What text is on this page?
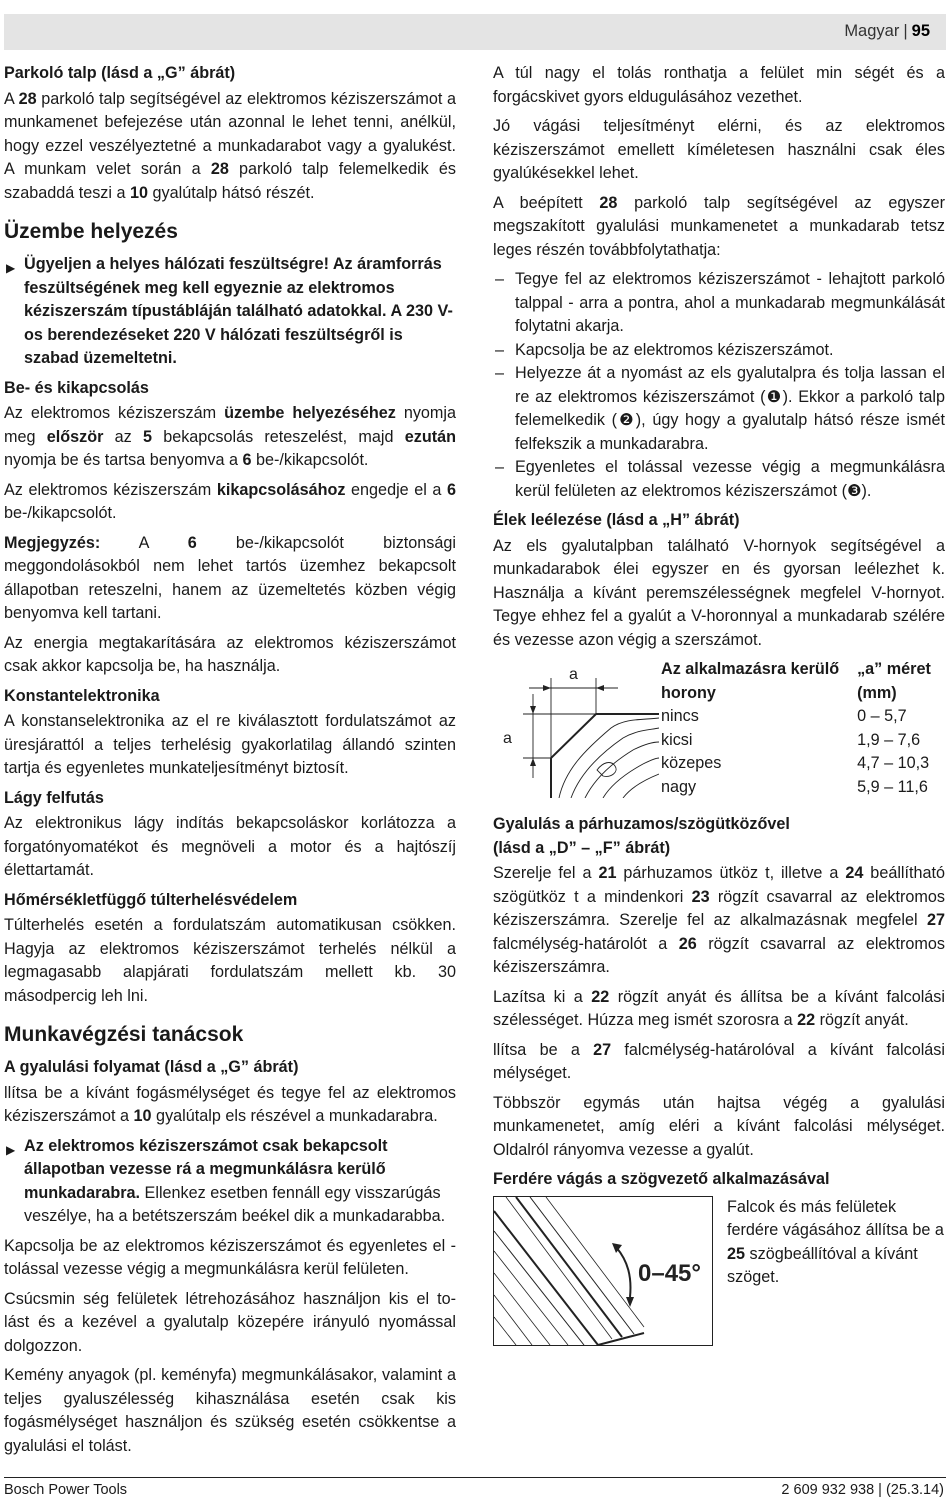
Magyar | 95
Parkoló talp (lásd a „G” ábrát)

A 28 parkoló talp segítségével az elektromos kéziszerszámot a munkamenet befejezése után azonnal le lehet tenni, anélkül, hogy ezzel veszélyeztetné a munkadarabot vagy a gyalukést. A munkam velet során a 28 parkoló talp felemelkedik és szabaddá teszi a 10 gyalútalp hátsó részét.

Üzembe helyezés
▶ Ügyeljen a helyes hálózati feszültségre! Az áramforrás feszültségének meg kell egyeznie az elektromos kéziszerszám típustábláján található adatokkal. A 230 V-os berendezéseket 220 V hálózati feszültségről is szabad üzemeltetni.
Be- és kikapcsolás

Az elektromos kéziszerszám üzembe helyezéséhez nyomja meg először az 5 bekapcsolás reteszelést, majd ezután nyomja be és tartsa benyomva a 6 be-/kikapcsolót.

Az elektromos kéziszerszám kikapcsolásához engedje el a 6 be-/kikapcsolót.

Megjegyzés: A 6 be-/kikapcsolót biztonsági meggondolásokból nem lehet tartós üzemhez bekapcsolt állapotban reteszelni, hanem az üzemeltetés közben végig benyomva kell tartani.

Az energia megtakarítására az elektromos kéziszerszámot csak akkor kapcsolja be, ha használja.

Konstantelektronika

A konstanselektronika az el re kiválasztott fordulatszámot az üresjárattól a teljes terhelésig gyakorlatilag állandó szinten tartja és egyenletes munkateljesítményt biztosít.

Lágy felfutás

Az elektronikus lágy indítás bekapcsoláskor korlátozza a forgatónyomatékot és megnöveli a motor és a hajtószíj élettartamát.

Hőmérsékletfüggő túlterhelésvédelem

Túlterhelés esetén a fordulatszám automatikusan csökken. Hagyja az elektromos kéziszerszámot terhelés nélkül a legmagasabb alapjárati fordulatszám mellett kb. 30 másodpercig leh lni.

Munkavégzési tanácsok
A gyalulási folyamat (lásd a „G” ábrát)

llítsa be a kívánt fogásmélységet és tegye fel az elektromos kéziszerszámot a 10 gyalútalp els részével a munkadarabra.

▶ Az elektromos kéziszerszámot csak bekapcsolt állapotban vezesse rá a megmunkálásra kerülő munkadarabra. Ellenkez esetben fennáll egy visszarúgás veszélye, ha a betétszerszám beékel dik a munkadarabba.

Kapcsolja be az elektromos kéziszerszámot és egyenletes el -tolással vezesse végig a megmunkálásra kerül felületen.

Csúcsmin ség felületek létrehozásához használjon kis el to-lást és a kezével a gyalutalp közepére irányuló nyomással dolgozzon.

Kemény anyagok (pl. keményfa) megmunkálásakor, valamint a teljes gyaluszélesség kihasználása esetén csak kis fogásmélységet használjon és szükség esetén csökkentse a gyalulási el tolást.

A túl nagy el tolás ronthatja a felület min ségét és a forgácskivet gyors eldugulásához vezethet.

Jó vágási teljesítményt elérni, és az elektromos kéziszerszámot emellett kíméletesen használni csak éles gyalúkésekkel lehet.

A beépített 28 parkoló talp segítségével az egyszer megszakított gyalulási munkamenetet a munkadarab tetsz leges részén továbbfolytathatja:

– Tegye fel az elektromos kéziszerszámot - lehajtott parkoló talppal - arra a pontra, ahol a munkadarab megmunkálását folytatni akarja.
– Kapcsolja be az elektromos kéziszerszámot.
– Helyezze át a nyomást az els gyalutalpra és tolja lassan el re az elektromos kéziszerszámot (❶). Ekkor a parkoló talp felemelkedik (❷), úgy hogy a gyalutalp hátsó része ismét felfekszik a munkadarabra.
– Egyenletes el tolással vezesse végig a megmunkálásra kerül felületen az elektromos kéziszerszámot (❸).
Élek leélezése (lásd a „H” ábrát)

Az els gyalutalpban található V-hornyok segítségével a munkadarabok élei egyszer en és gyorsan leélezhet k. Használja a kívánt peremszélességnek megfelel V-hornyot. Tegye ehhez fel a gyalút a V-horonnyal a munkadarab szélére és vezesse azon végig a szerszámot.

a
a
Az alkalmazásra kerülő horony	„a” méret (mm)
nincs	0 – 5,7
kicsi	1,9 – 7,6
közepes	4,7 – 10,3
nagy	5,9 – 11,6
Gyalulás a párhuzamos/szögütközővel
(lásd a „D” – „F” ábrát)

Szerelje fel a 21 párhuzamos ütköz t, illetve a 24 beállítható szögütköz t a mindenkori 23 rögzít csavarral az elektromos kéziszerszámra. Szerelje fel az alkalmazásnak megfelel 27 falcmélység-határolót a 26 rögzít csavarral az elektromos kéziszerszámra.

Lazítsa ki a 22 rögzít anyát és állítsa be a kívánt falcolási szélességet. Húzza meg ismét szorosra a 22 rögzít anyát.

llítsa be a 27 falcmélység-határolóval a kívánt falcolási mélységet.

Többször egymás után hajtsa végég a gyalulási munkamenetet, amíg eléri a kívánt falcolási mélységet. Oldalról rányomva vezesse a gyalút.

Ferdére vágás a szögvezető alkalmazásával
0–45°
Falcok és más felületek ferdére vágásához állítsa be a 25 szögbeállítóval a kívánt szöget.
Bosch Power Tools	2 609 932 938 | (25.3.14)
